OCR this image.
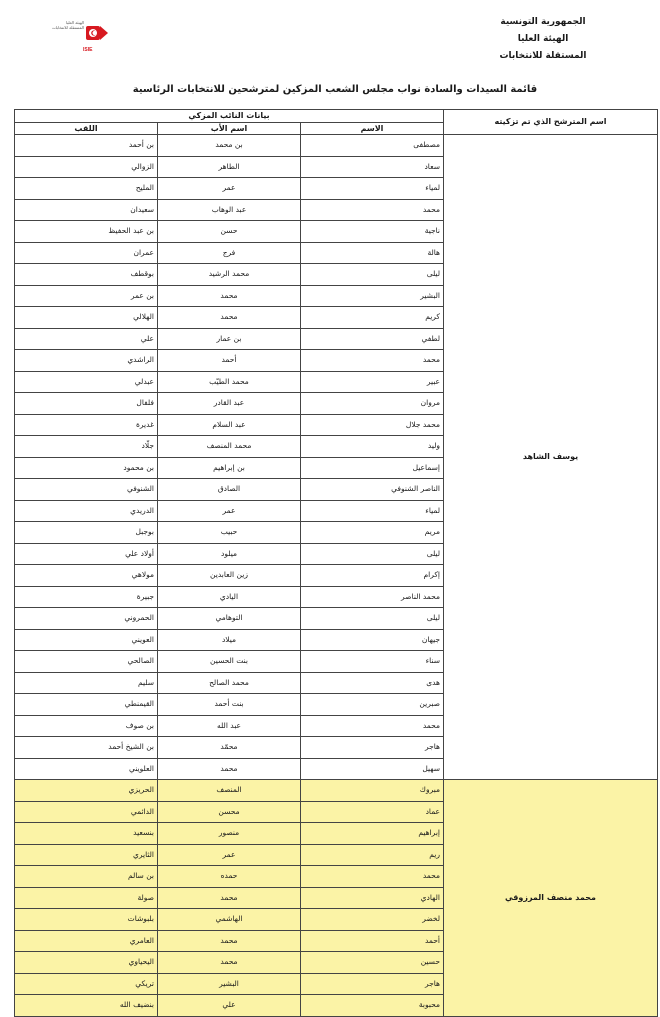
الجمهورية التونسية
الهيئة العليا
المستقلة للانتخابات
الهيئة العليا المستقلة للانتخابات
ISIE
قائمة السيدات والسادة نواب مجلس الشعب المزكين لمترشحين للانتخابات الرئاسية
اسم المترشح الذي تم تزكيته	بيانات النائب المزكي		
	الاسم	اسم الأب	اللقب
يوسف الشاهد	مصطفى	بن محمد	بن أحمد
	سعاد	الطاهر	الزوالي
	لمياء	عمر	المليح
	محمد	عبد الوهاب	سعيدان
	ناجية	حسن	بن عبد الحفيظ
	هالة	فرج	عمران
	ليلى	محمد الرشيد	بوقطف
	البشير	محمد	بن عمر
	كريم	محمد	الهلالي
	لطفي	بن عمار	علي
	محمد	أحمد	الراشدي
	عبير	محمد الطيّب	عبدلي
	مروان	عبد القادر	فلفال
	محمد جلال	عبد السلام	غديرة
	وليد	محمد المنصف	جلّاد
	إسماعيل	بن إبراهيم	بن محمود
	الناصر الشنوفي	الصادق	الشنوفي
	لمياء	عمر	الدريدي
	مريم	حبيب	بوجبل
	ليلى	ميلود	أولاد علي
	إكرام	زين العابدين	مولاهي
	محمد الناصر	اليادي	جبيرة
	ليلى	التوهامي	الحمروني
	جيهان	ميلاد	العويني
	سناء	بنت الحسين	الصالحي
	هدى	محمد الصالح	سليم
	صبرين	بنت أحمد	القيمنطي
	محمد	عبد الله	بن صوف
	هاجر	محمّد	بن الشيخ أحمد
	سهيل	محمد	العلويني
محمد منصف المرزوقي	مبروك	المنصف	الحريزي
	عماد	محسن	الدائمي
	إبراهيم	منصور	بنسعيد
	ريم	عمر	الثايري
	محمد	حمده	بن سالم
	الهادي	محمد	صولة
	لخضر	الهاشمي	بلبوشات
	أحمد	محمد	العامري
	حسين	محمد	اليحياوي
	هاجر	البشير	تريكي
	محبوبة	علي	بنضيف الله
